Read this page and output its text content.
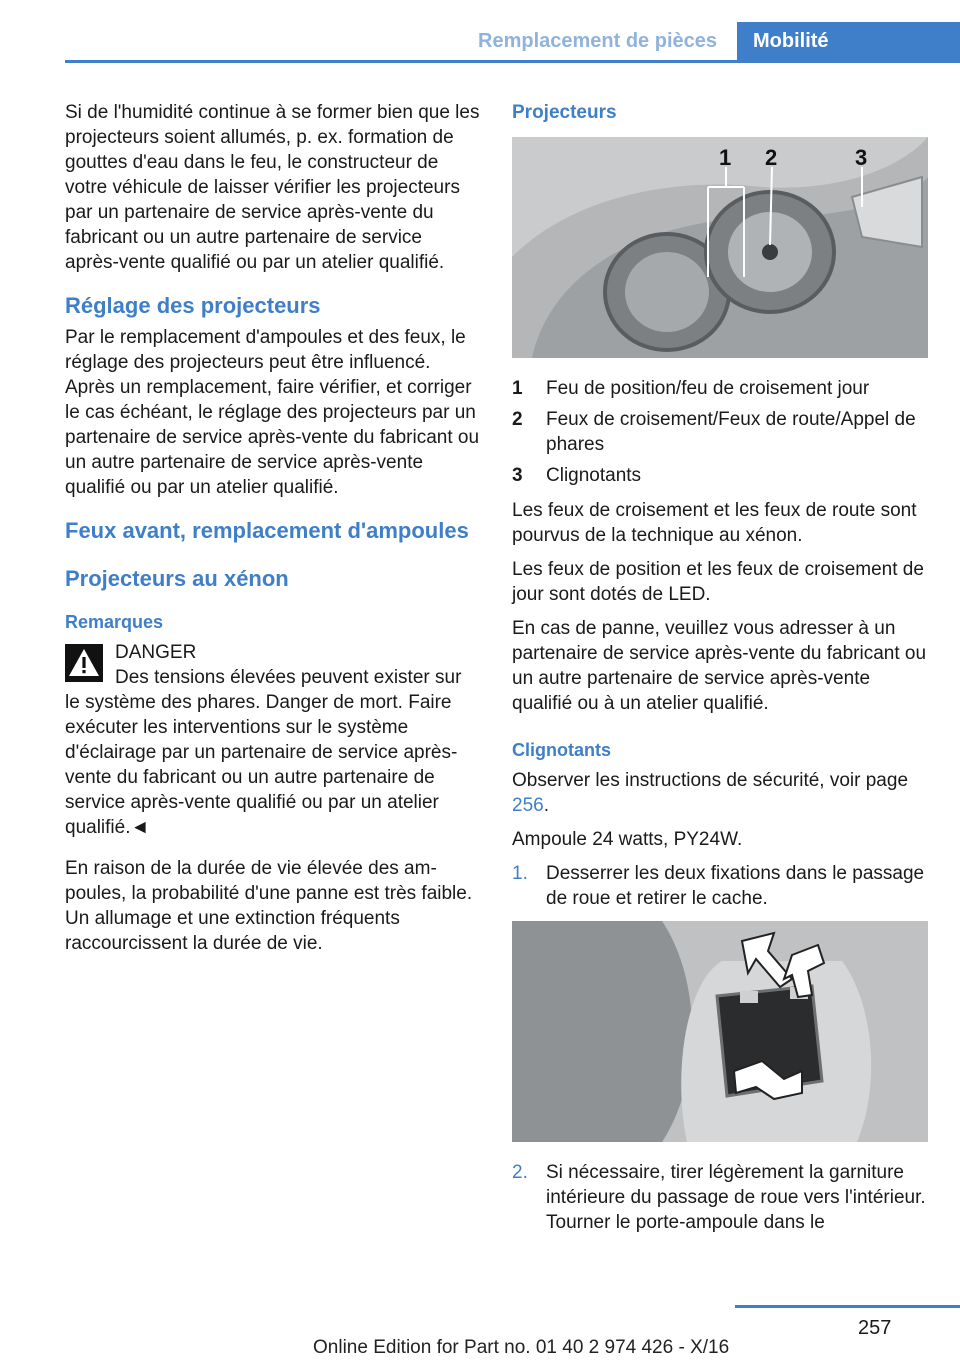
Remplacement de pièces	Mobilité

Si de l'humidité continue à se former bien que les projecteurs soient allumés, p. ex. formation de gouttes d'eau dans le feu, le constructeur de votre véhicule de laisser vérifier les projecteurs par un partenaire de service après-vente du fabricant ou un autre partenaire de service après-vente qualifié ou par un atelier qualifié.

Réglage des projecteurs

Par le remplacement d'ampoules et des feux, le réglage des projecteurs peut être influencé. Après un remplacement, faire vérifier, et corriger le cas échéant, le réglage des projecteurs par un partenaire de service après-vente du fabricant ou un autre partenaire de service après-vente qualifié ou par un atelier qualifié.

Feux avant, remplacement d'ampoules
Projecteurs au xénon
Remarques
DANGER

Des tensions élevées peuvent exister sur le système des phares. Danger de mort. Faire exécuter les interventions sur le système d'éclairage par un partenaire de service après-vente du fabricant ou un autre partenaire de service après-vente qualifié ou par un atelier qualifié.◄

En raison de la durée de vie élevée des ampoules, la probabilité d'une panne est très faible. Un allumage et une extinction fréquents raccourcissent la durée de vie.

Projecteurs
1 2	3
1 Feu de position/feu de croisement jour
2 Feux de croisement/Feux de route/Appel de phares
3 Clignotants

Les feux de croisement et les feux de route sont pourvus de la technique au xénon.

Les feux de position et les feux de croisement de jour sont dotés de LED.

En cas de panne, veuillez vous adresser à un partenaire de service après-vente du fabricant ou un autre partenaire de service après-vente qualifié ou à un atelier qualifié.

Clignotants

Observer les instructions de sécurité, voir page 256.

Ampoule 24 watts, PY24W.

1. Desserrer les deux fixations dans le passage de roue et retirer le cache.
2. Si nécessaire, tirer légèrement la garniture intérieure du passage de roue vers l'intérieur. Tourner le porte-ampoule dans le
257
Online Edition for Part no. 01 40 2 974 426 - X/16
